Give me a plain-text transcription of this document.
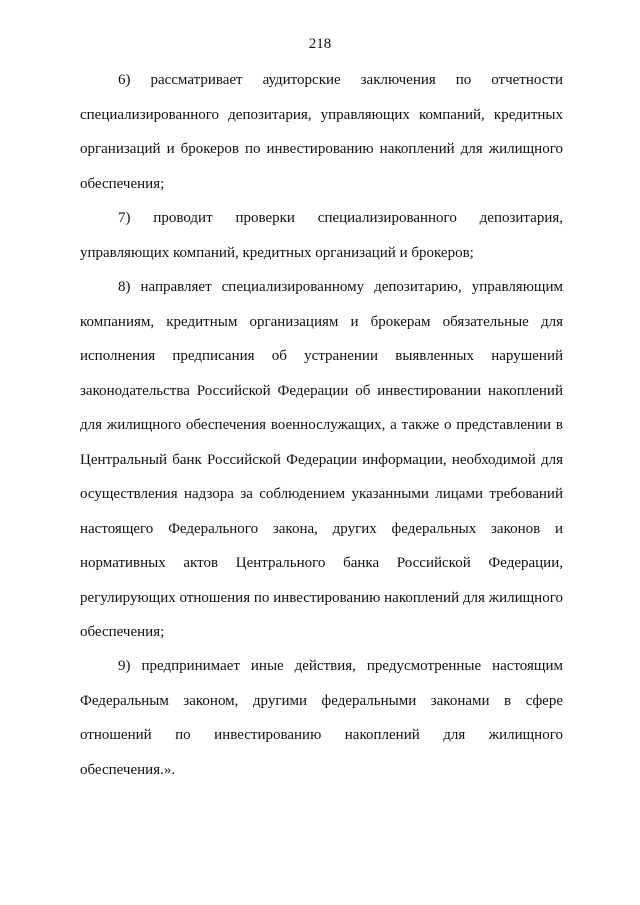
218

6) рассматривает аудиторские заключения по отчетности специализированного депозитария, управляющих компаний, кредитных организаций и брокеров по инвестированию накоплений для жилищного обеспечения;

7) проводит проверки специализированного депозитария, управляющих компаний, кредитных организаций и брокеров;

8) направляет специализированному депозитарию, управляющим компаниям, кредитным организациям и брокерам обязательные для исполнения предписания об устранении выявленных нарушений законодательства Российской Федерации об инвестировании накоплений для жилищного обеспечения военнослужащих, а также о представлении в Центральный банк Российской Федерации информации, необходимой для осуществления надзора за соблюдением указанными лицами требований настоящего Федерального закона, других федеральных законов и нормативных актов Центрального банка Российской Федерации, регулирующих отношения по инвестированию накоплений для жилищного обеспечения;

9) предпринимает иные действия, предусмотренные настоящим Федеральным законом, другими федеральными законами в сфере отношений по инвестированию накоплений для жилищного обеспечения.».
